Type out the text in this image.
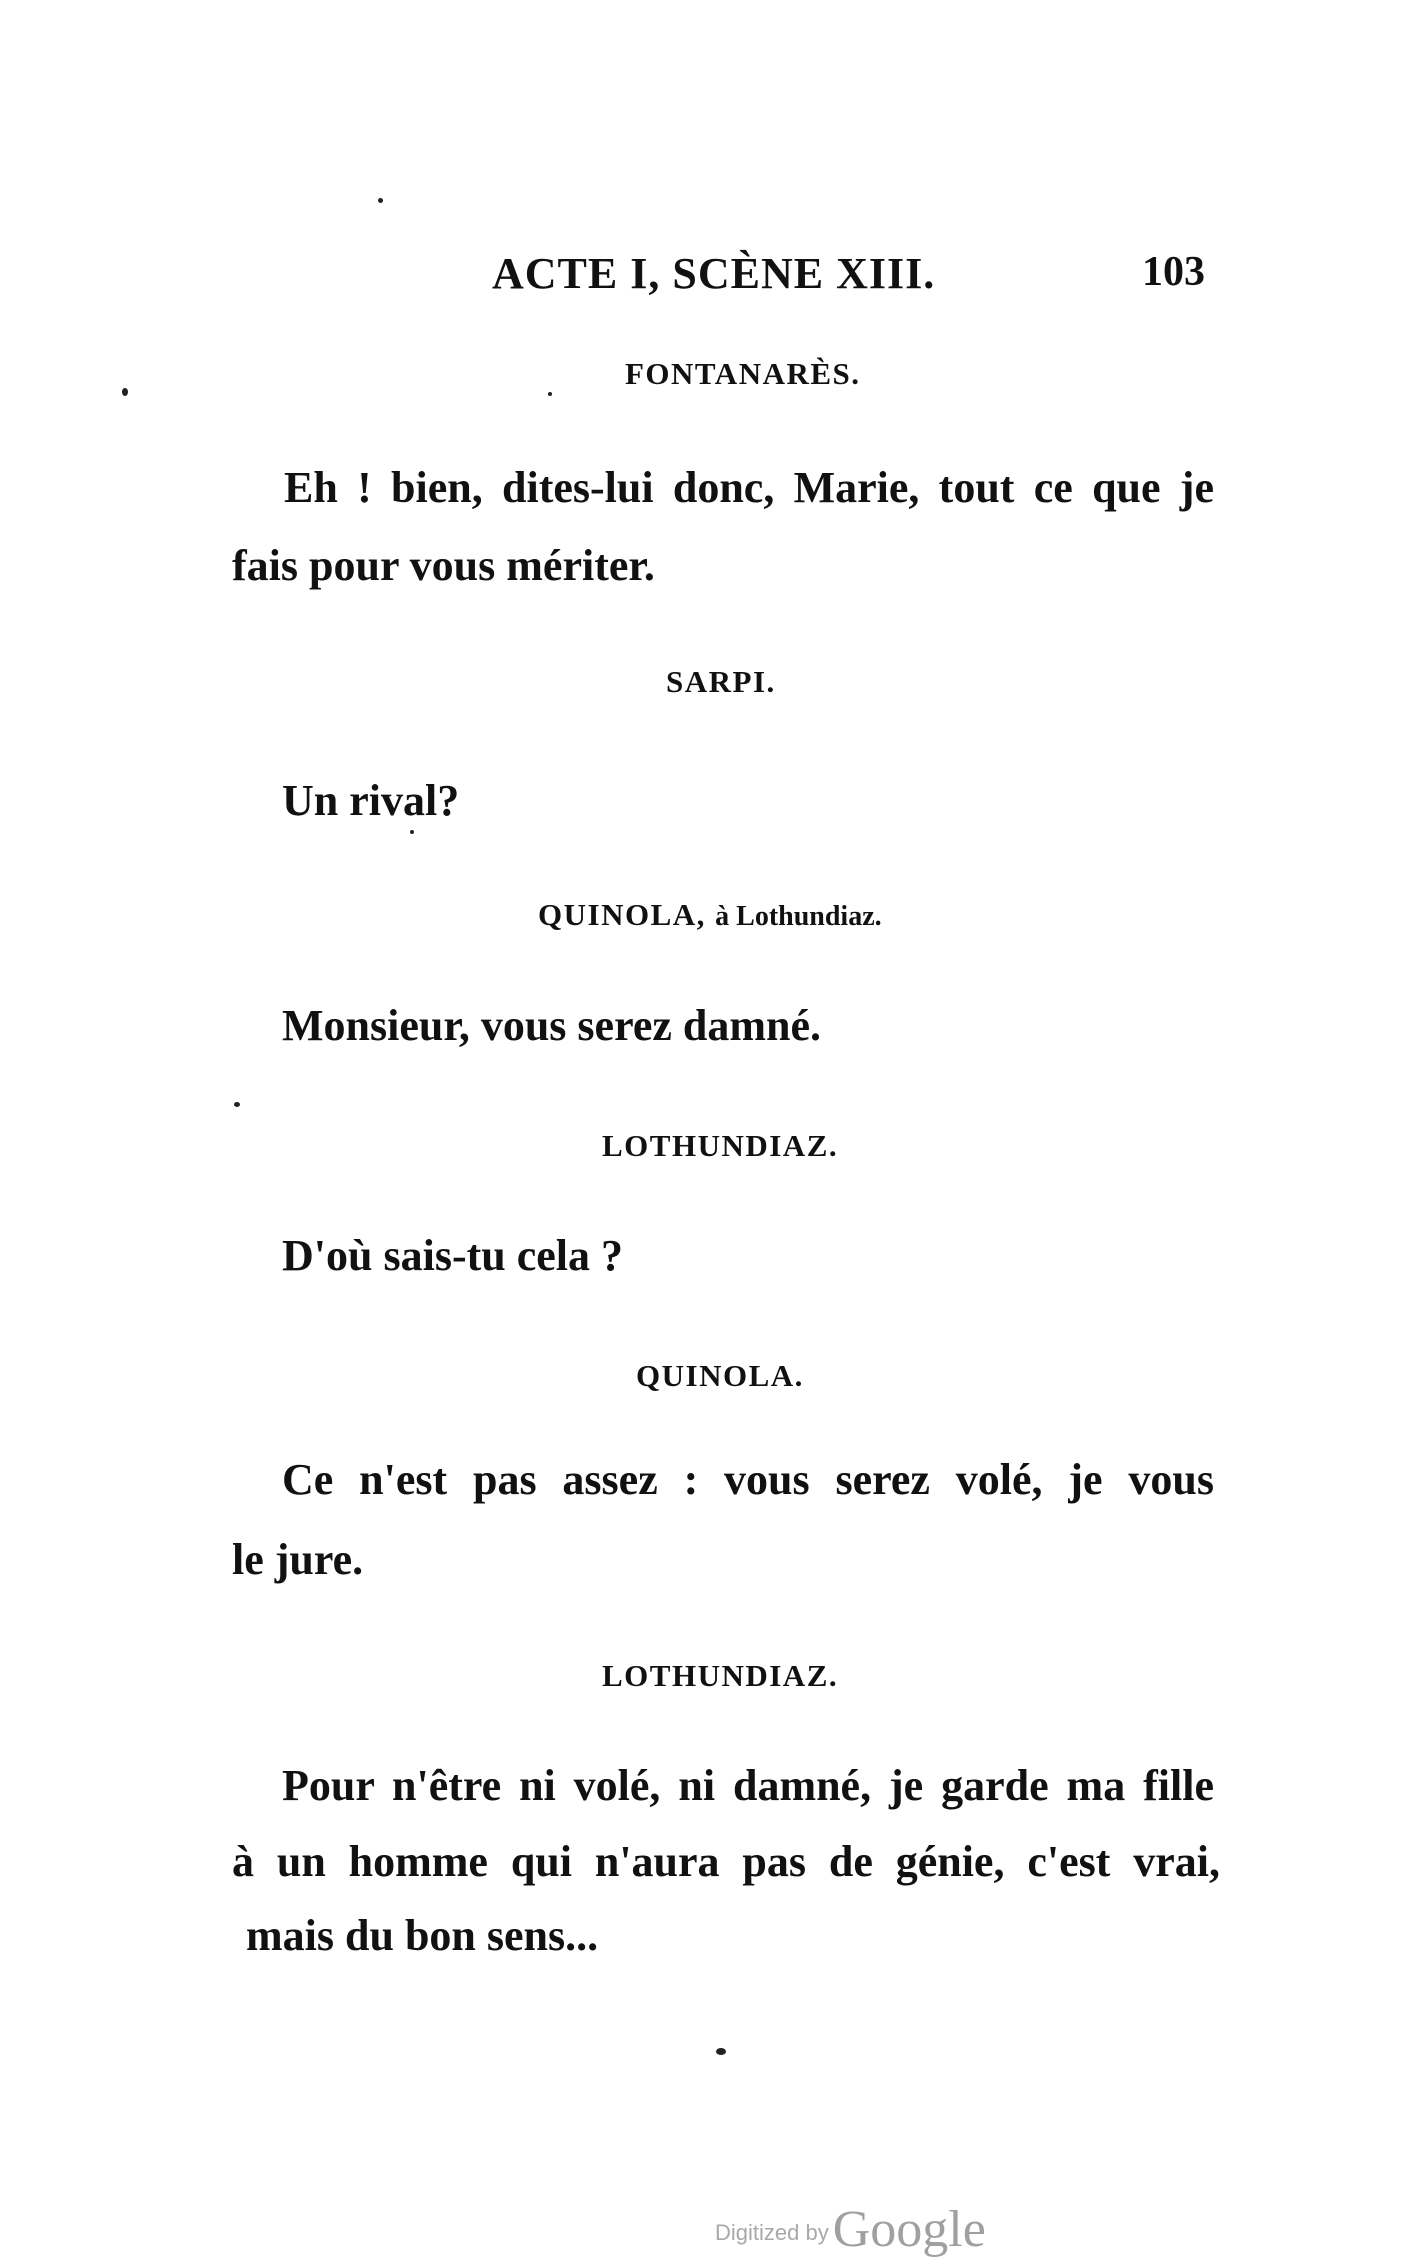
ACTE I, SCÈNE XIII.	103
FONTANARÈS.
Eh ! bien, dites-lui donc, Marie, tout ce que je
fais pour vous mériter.
SARPI.
Un rival?
QUINOLA, à Lothundiaz.
Monsieur, vous serez damné.
LOTHUNDIAZ.
D'où sais-tu cela ?
QUINOLA.
Ce n'est pas assez : vous serez volé, je vous
le jure.
LOTHUNDIAZ.
Pour n'être ni volé, ni damné, je garde ma fille
à un homme qui n'aura pas de génie, c'est vrai,
mais du bon sens...
Digitized byGoogle
